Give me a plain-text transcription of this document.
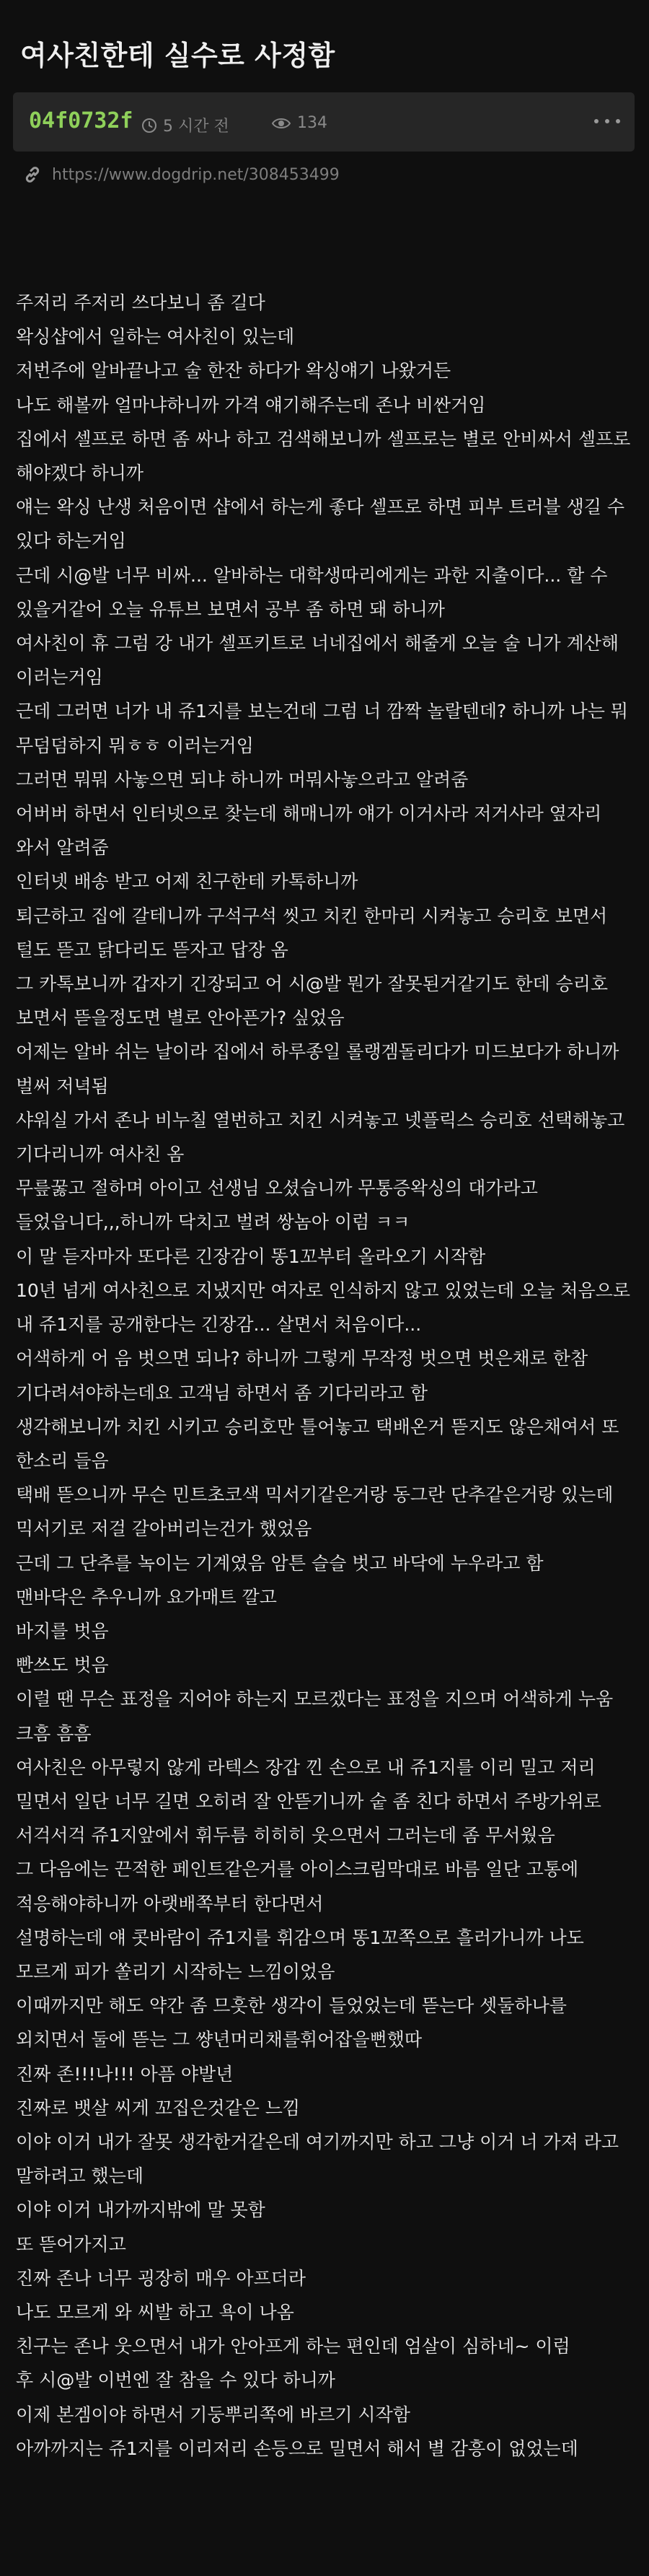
여사친한테 실수로 사정함
04f0732f 5 시간 전	134
https://www.dogdrip.net/308453499

주저리 주저리 쓰다보니 좀 길다

왁싱샵에서 일하는 여사친이 있는데

저번주에 알바끝나고 술 한잔 하다가 왁싱얘기 나왔거든

나도 해볼까 얼마냐하니까 가격 얘기해주는데 존나 비싼거임

집에서 셀프로 하면 좀 싸나 하고 검색해보니까 셀프로는 별로 안비싸서 셀프로 해야겠다 하니까

얘는 왁싱 난생 처음이면 샵에서 하는게 좋다 셀프로 하면 피부 트러블 생길 수 있다 하는거임

근데 시@발 너무 비싸... 알바하는 대학생따리에게는 과한 지출이다... 할 수 있을거같어 오늘 유튜브 보면서 공부 좀 하면 돼 하니까

여사친이 휴 그럼 강 내가 셀프키트로 너네집에서 해줄게 오늘 술 니가 계산해 이러는거임

근데 그러면 너가 내 쥬1지를 보는건데 그럼 너 깜짝 놀랄텐데? 하니까 나는 뭐 무덤덤하지 뭐ㅎㅎ 이러는거임

그러면 뭐뭐 사놓으면 되냐 하니까 머뭐사놓으라고 알려줌

어버버 하면서 인터넷으로 찾는데 해매니까 얘가 이거사라 저거사라 옆자리 와서 알려줌

인터넷 배송 받고 어제 친구한테 카톡하니까

퇴근하고 집에 갈테니까 구석구석 씻고 치킨 한마리 시켜놓고 승리호 보면서 털도 뜯고 닭다리도 뜯자고 답장 옴

그 카톡보니까 갑자기 긴장되고 어 시@발 뭔가 잘못된거같기도 한데 승리호 보면서 뜯을정도면 별로 안아픈가? 싶었음

어제는 알바 쉬는 날이라 집에서 하루종일 롤랭겜돌리다가 미드보다가 하니까 벌써 저녁됨

샤워실 가서 존나 비누칠 열번하고 치킨 시켜놓고 넷플릭스 승리호 선택해놓고 기다리니까 여사친 옴

무릎꿇고 절하며 아이고 선생님 오셨습니까 무통증왁싱의 대가라고 들었읍니다,,,하니까 닥치고 벌려 쌍놈아 이럼 ㅋㅋ

이 말 듣자마자 또다른 긴장감이 똥1꼬부터 올라오기 시작함

10년 넘게 여사친으로 지냈지만 여자로 인식하지 않고 있었는데 오늘 처음으로 내 쥬1지를 공개한다는 긴장감... 살면서 처음이다...

어색하게 어 음 벗으면 되나? 하니까 그렇게 무작정 벗으면 벗은채로 한참 기다려셔야하는데요 고객님 하면서 좀 기다리라고 함

생각해보니까 치킨 시키고 승리호만 틀어놓고 택배온거 뜯지도 않은채여서 또 한소리 들음

택배 뜯으니까 무슨 민트초코색 믹서기같은거랑 동그란 단추같은거랑 있는데 믹서기로 저걸 갈아버리는건가 했었음

근데 그 단추를 녹이는 기계였음 암튼 슬슬 벗고 바닥에 누우라고 함

맨바닥은 추우니까 요가매트 깔고

바지를 벗음

빤쓰도 벗음

이럴 땐 무슨 표정을 지어야 하는지 모르겠다는 표정을 지으며 어색하게 누움 크흠 흠흠

여사친은 아무렇지 않게 라텍스 장갑 낀 손으로 내 쥬1지를 이리 밀고 저리 밀면서 일단 너무 길면 오히려 잘 안뜯기니까 숱 좀 친다 하면서 주방가위로 서걱서걱 쥬1지앞에서 휘두름 히히히 웃으면서 그러는데 좀 무서웠음

그 다음에는 끈적한 페인트같은거를 아이스크림막대로 바름 일단 고통에 적응해야하니까 아랫배쪽부터 한다면서

설명하는데 얘 콧바람이 쥬1지를 휘감으며 똥1꼬쪽으로 흘러가니까 나도 모르게 피가 쏠리기 시작하는 느낌이었음

이때까지만 해도 약간 좀 므흣한 생각이 들었었는데 뜯는다 셋둘하나를 외치면서 둘에 뜯는 그 썅년머리채를휘어잡을뻔했따

진짜 존!!!나!!! 아픔 야발년

진짜로 뱃살 씨게 꼬집은것같은 느낌

이야 이거 내가 잘못 생각한거같은데 여기까지만 하고 그냥 이거 너 가져 라고 말하려고 했는데

이야 이거 내가까지밖에 말 못함

또 뜯어가지고

진짜 존나 너무 굉장히 매우 아프더라

나도 모르게 와 씨발 하고 욕이 나옴

친구는 존나 웃으면서 내가 안아프게 하는 편인데 엄살이 심하네~ 이럼

후 시@발 이번엔 잘 참을 수 있다 하니까

이제 본겜이야 하면서 기둥뿌리쪽에 바르기 시작함

아까까지는 쥬1지를 이리저리 손등으로 밀면서 해서 별 감흥이 없었는데
